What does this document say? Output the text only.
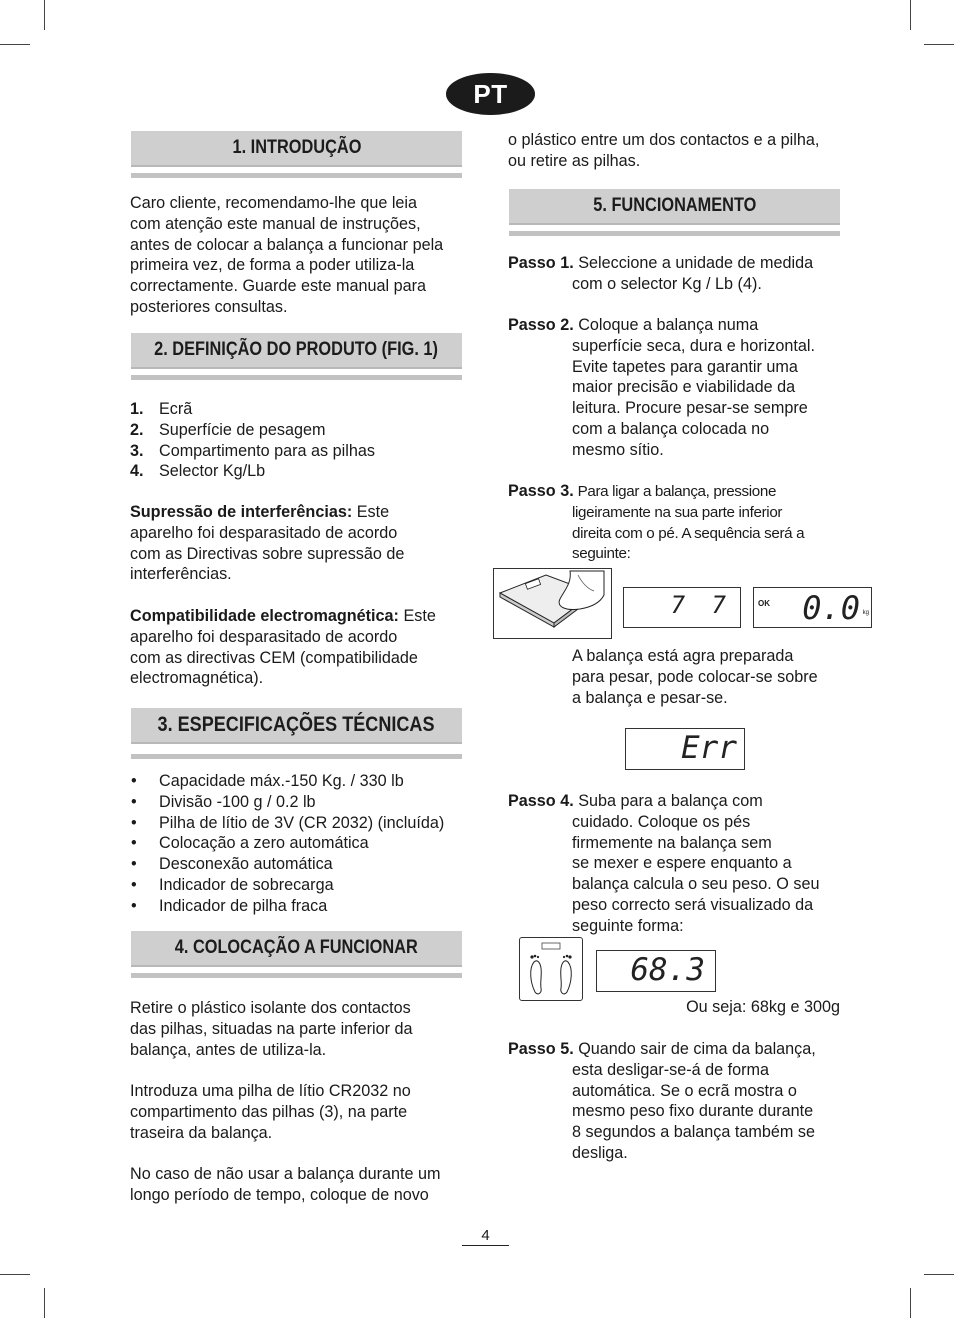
PT
1. INTRODUÇÃO

Caro cliente, recomendamo-lhe que leia

com atenção este manual de instruções,

antes de colocar a balança a funcionar pela

primeira vez, de forma a poder utiliza-la

correctamente. Guarde este manual para

posteriores consultas.

2. DEFINIÇÃO DO PRODUTO (FIG. 1)
1. Ecrã
2. Superfície de pesagem
3. Compartimento para as pilhas
4. Selector Kg/Lb

Supressão de interferências: Este

aparelho foi desparasitado de acordo

com as Directivas sobre supressão de

interferências.

Compatibilidade electromagnética: Este

aparelho foi desparasitado de acordo

com as directivas CEM (compatibilidade

electromagnética).

3. ESPECIFICAÇÕES TÉCNICAS
• Capacidade máx.-150 Kg. / 330 lb
• Divisão -100 g / 0.2 lb
• Pilha de lítio de 3V (CR 2032) (incluída)
• Colocação a zero automática
• Desconexão automática
• Indicador de sobrecarga
• Indicador de pilha fraca
4. COLOCAÇÃO A FUNCIONAR

Retire o plástico isolante dos contactos

das pilhas, situadas na parte inferior da

balança, antes de utiliza-la.

Introduza uma pilha de lítio CR2032 no

compartimento das pilhas (3), na parte

traseira da balança.

No caso de não usar a balança durante um

longo período de tempo, coloque de novo

o plástico entre um dos contactos e a pilha,

ou retire as pilhas.

5. FUNCIONAMENTO
Passo 1. Seleccione a unidade de medida
com o selector Kg / Lb (4).
Passo 2. Coloque a balança numa
superfície seca, dura e horizontal.
Evite tapetes para garantir uma
maior precisão e viabilidade da
leitura. Procure pesar-se sempre
com a balança colocada no
mesmo sítio.
Passo 3. Para ligar a balança, pressione
ligeiramente na sua parte inferior
direita com o pé. A sequência será a
seguinte:
7 7	OK 0.0 kg

A balança está agra preparada

para pesar, pode colocar-se sobre

a balança e pesar-se.

Err
Passo 4. Suba para a balança com
cuidado. Coloque os pés
firmemente na balança sem
se mexer e espere enquanto a
balança calcula o seu peso. O seu
peso correcto será visualizado da
seguinte forma:
68.3
Ou seja: 68kg e 300g
Passo 5. Quando sair de cima da balança,
esta desligar-se-á de forma
automática. Se o ecrã mostra o
mesmo peso fixo durante durante
8 segundos a balança também se
desliga.
4
